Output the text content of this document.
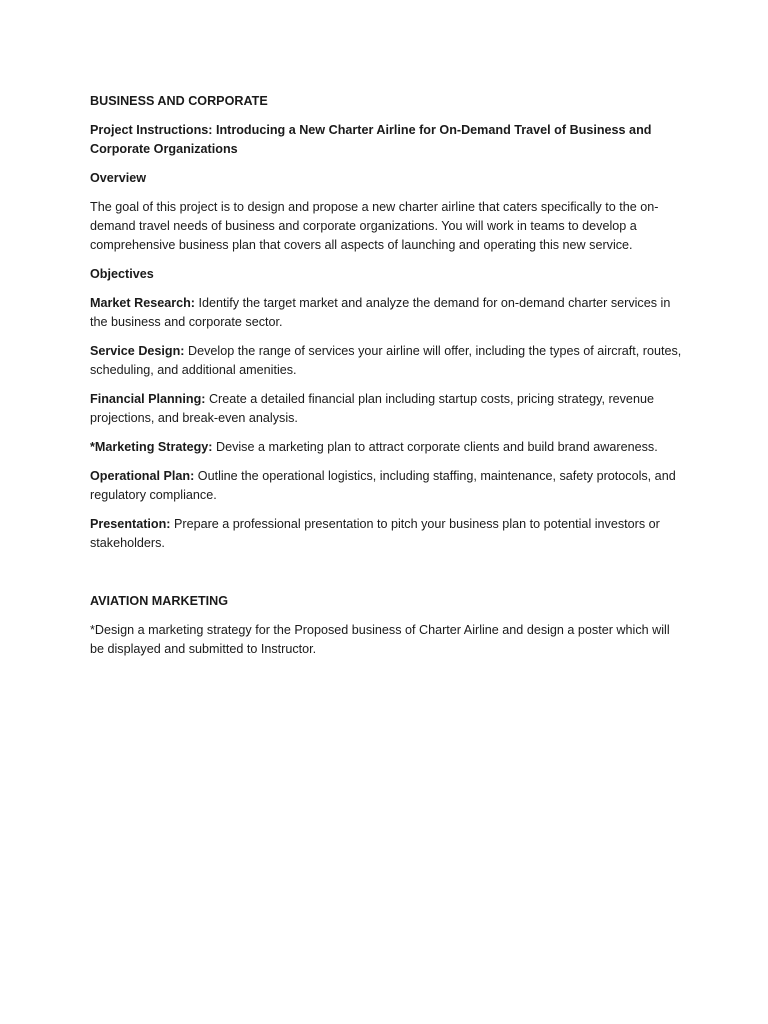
BUSINESS AND CORPORATE

Project Instructions: Introducing a New Charter Airline for On-Demand Travel of Business and Corporate Organizations

Overview

The goal of this project is to design and propose a new charter airline that caters specifically to the on-demand travel needs of business and corporate organizations. You will work in teams to develop a comprehensive business plan that covers all aspects of launching and operating this new service.

Objectives

Market Research: Identify the target market and analyze the demand for on-demand charter services in the business and corporate sector.

Service Design: Develop the range of services your airline will offer, including the types of aircraft, routes, scheduling, and additional amenities.

Financial Planning: Create a detailed financial plan including startup costs, pricing strategy, revenue projections, and break-even analysis.

*Marketing Strategy: Devise a marketing plan to attract corporate clients and build brand awareness.

Operational Plan: Outline the operational logistics, including staffing, maintenance, safety protocols, and regulatory compliance.

Presentation: Prepare a professional presentation to pitch your business plan to potential investors or stakeholders.

AVIATION MARKETING

*Design a marketing strategy for the Proposed business of Charter Airline and design a poster which will be displayed and submitted to Instructor.
